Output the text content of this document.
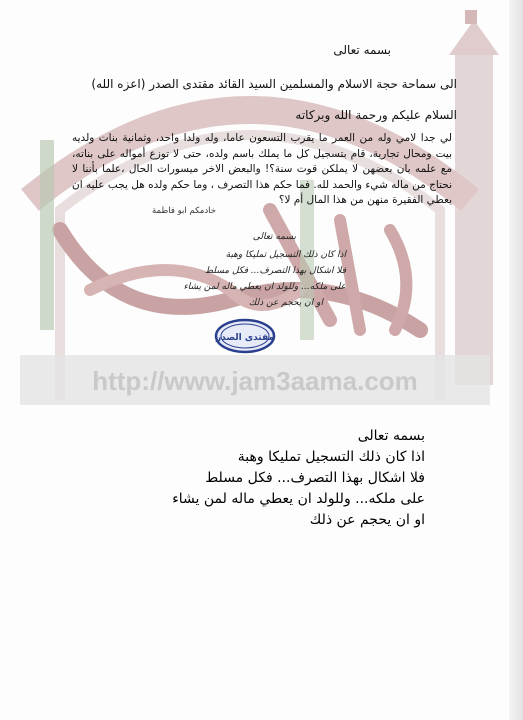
http://www.jam3aama.com
بسمه تعالى
الى سماحة حجة الاسلام والمسلمين السيد القائد مقتدى الصدر (اعزه الله)
السلام عليكم ورحمة الله وبركاته
لي جدا لامي وله من العمر ما يقرب التسعون عاما، وله ولدا واحد، وثمانية بنات ولديه بيت ومحال تجارية، قام بتسجيل كل ما يملك باسم ولده، حتى لا توزع أمواله على بناته، مع علمه بان بعضهن لا يملكن قوت سنة؟! والبعض الاخر ميسورات الحال ،علما بأننا لا نحتاج من ماله شيء والحمد لله. فما حكم هذا التصرف ، وما حكم ولده هل يجب عليه ان يعطي الفقيرة منهن من هذا المال أم لا؟
خادمكم ابو فاطمة
بسمه تعالى
اذا كان ذلك التسجيل تمليكا وهبة
فلا اشكال بهذا التصرف... فكل مسلط
على ملكه... وللولد ان يعطي ماله لمن يشاء
او ان يحجم عن ذلك
مقتدى الصدر
بسمه تعالى
اذا كان ذلك التسجيل تمليكا وهبة
فلا اشكال بهذا التصرف... فكل مسلط
على ملكه... وللولد ان يعطي ماله لمن يشاء
او ان يحجم عن ذلك
